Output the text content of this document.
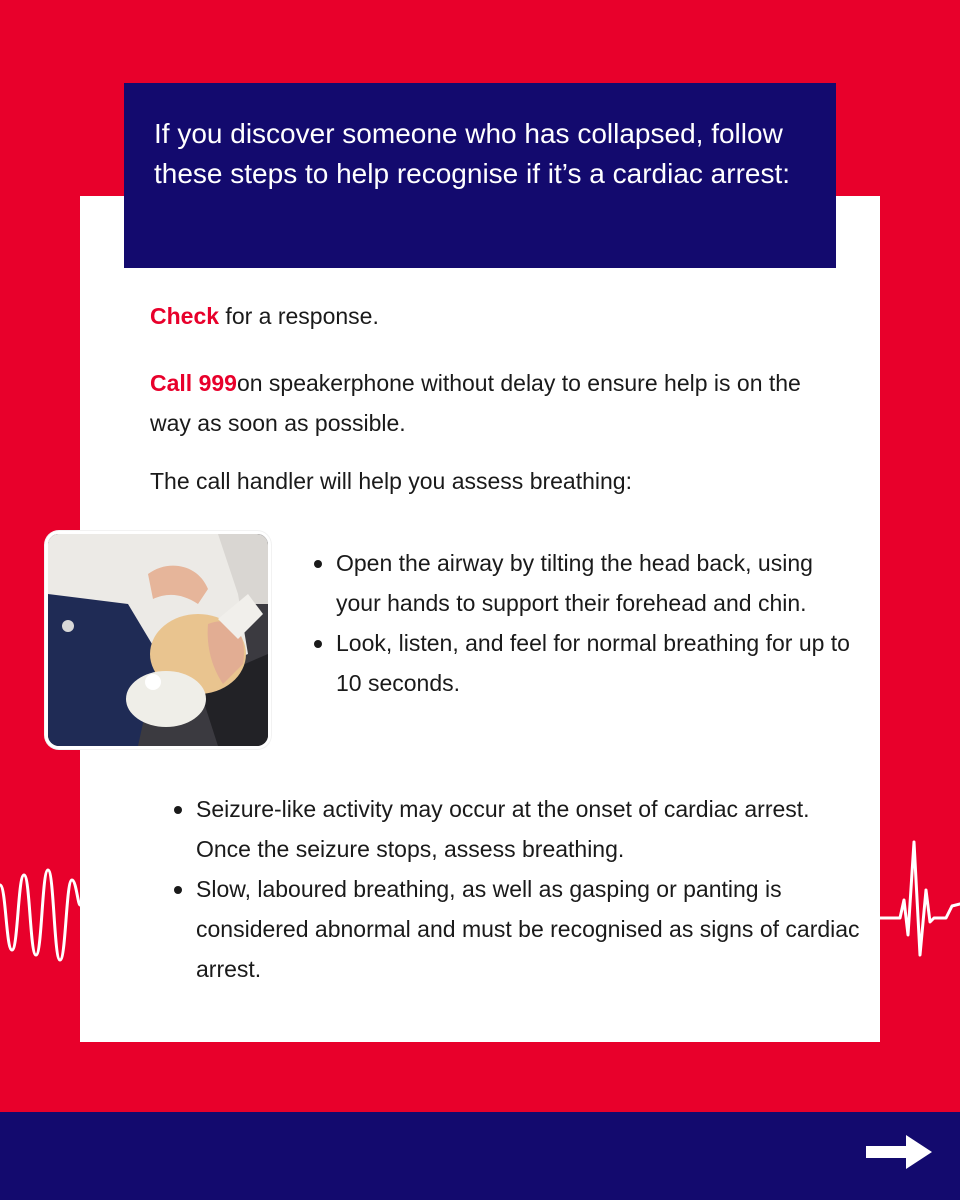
If you discover someone who has collapsed, follow these steps to help recognise if it’s a cardiac arrest:

Check for a response.

Call 999on speakerphone without delay to ensure help is on the way as soon as possible.

The call handler will help you assess breathing:

Open the airway by tilting the head back, using your hands to support their forehead and chin.
Look, listen, and feel for normal breathing for up to 10 seconds.
Seizure-like activity may occur at the onset of cardiac arrest. Once the seizure stops, assess breathing.
Slow, laboured breathing, as well as gasping or panting is considered abnormal and must be recognised as signs of cardiac arrest.
